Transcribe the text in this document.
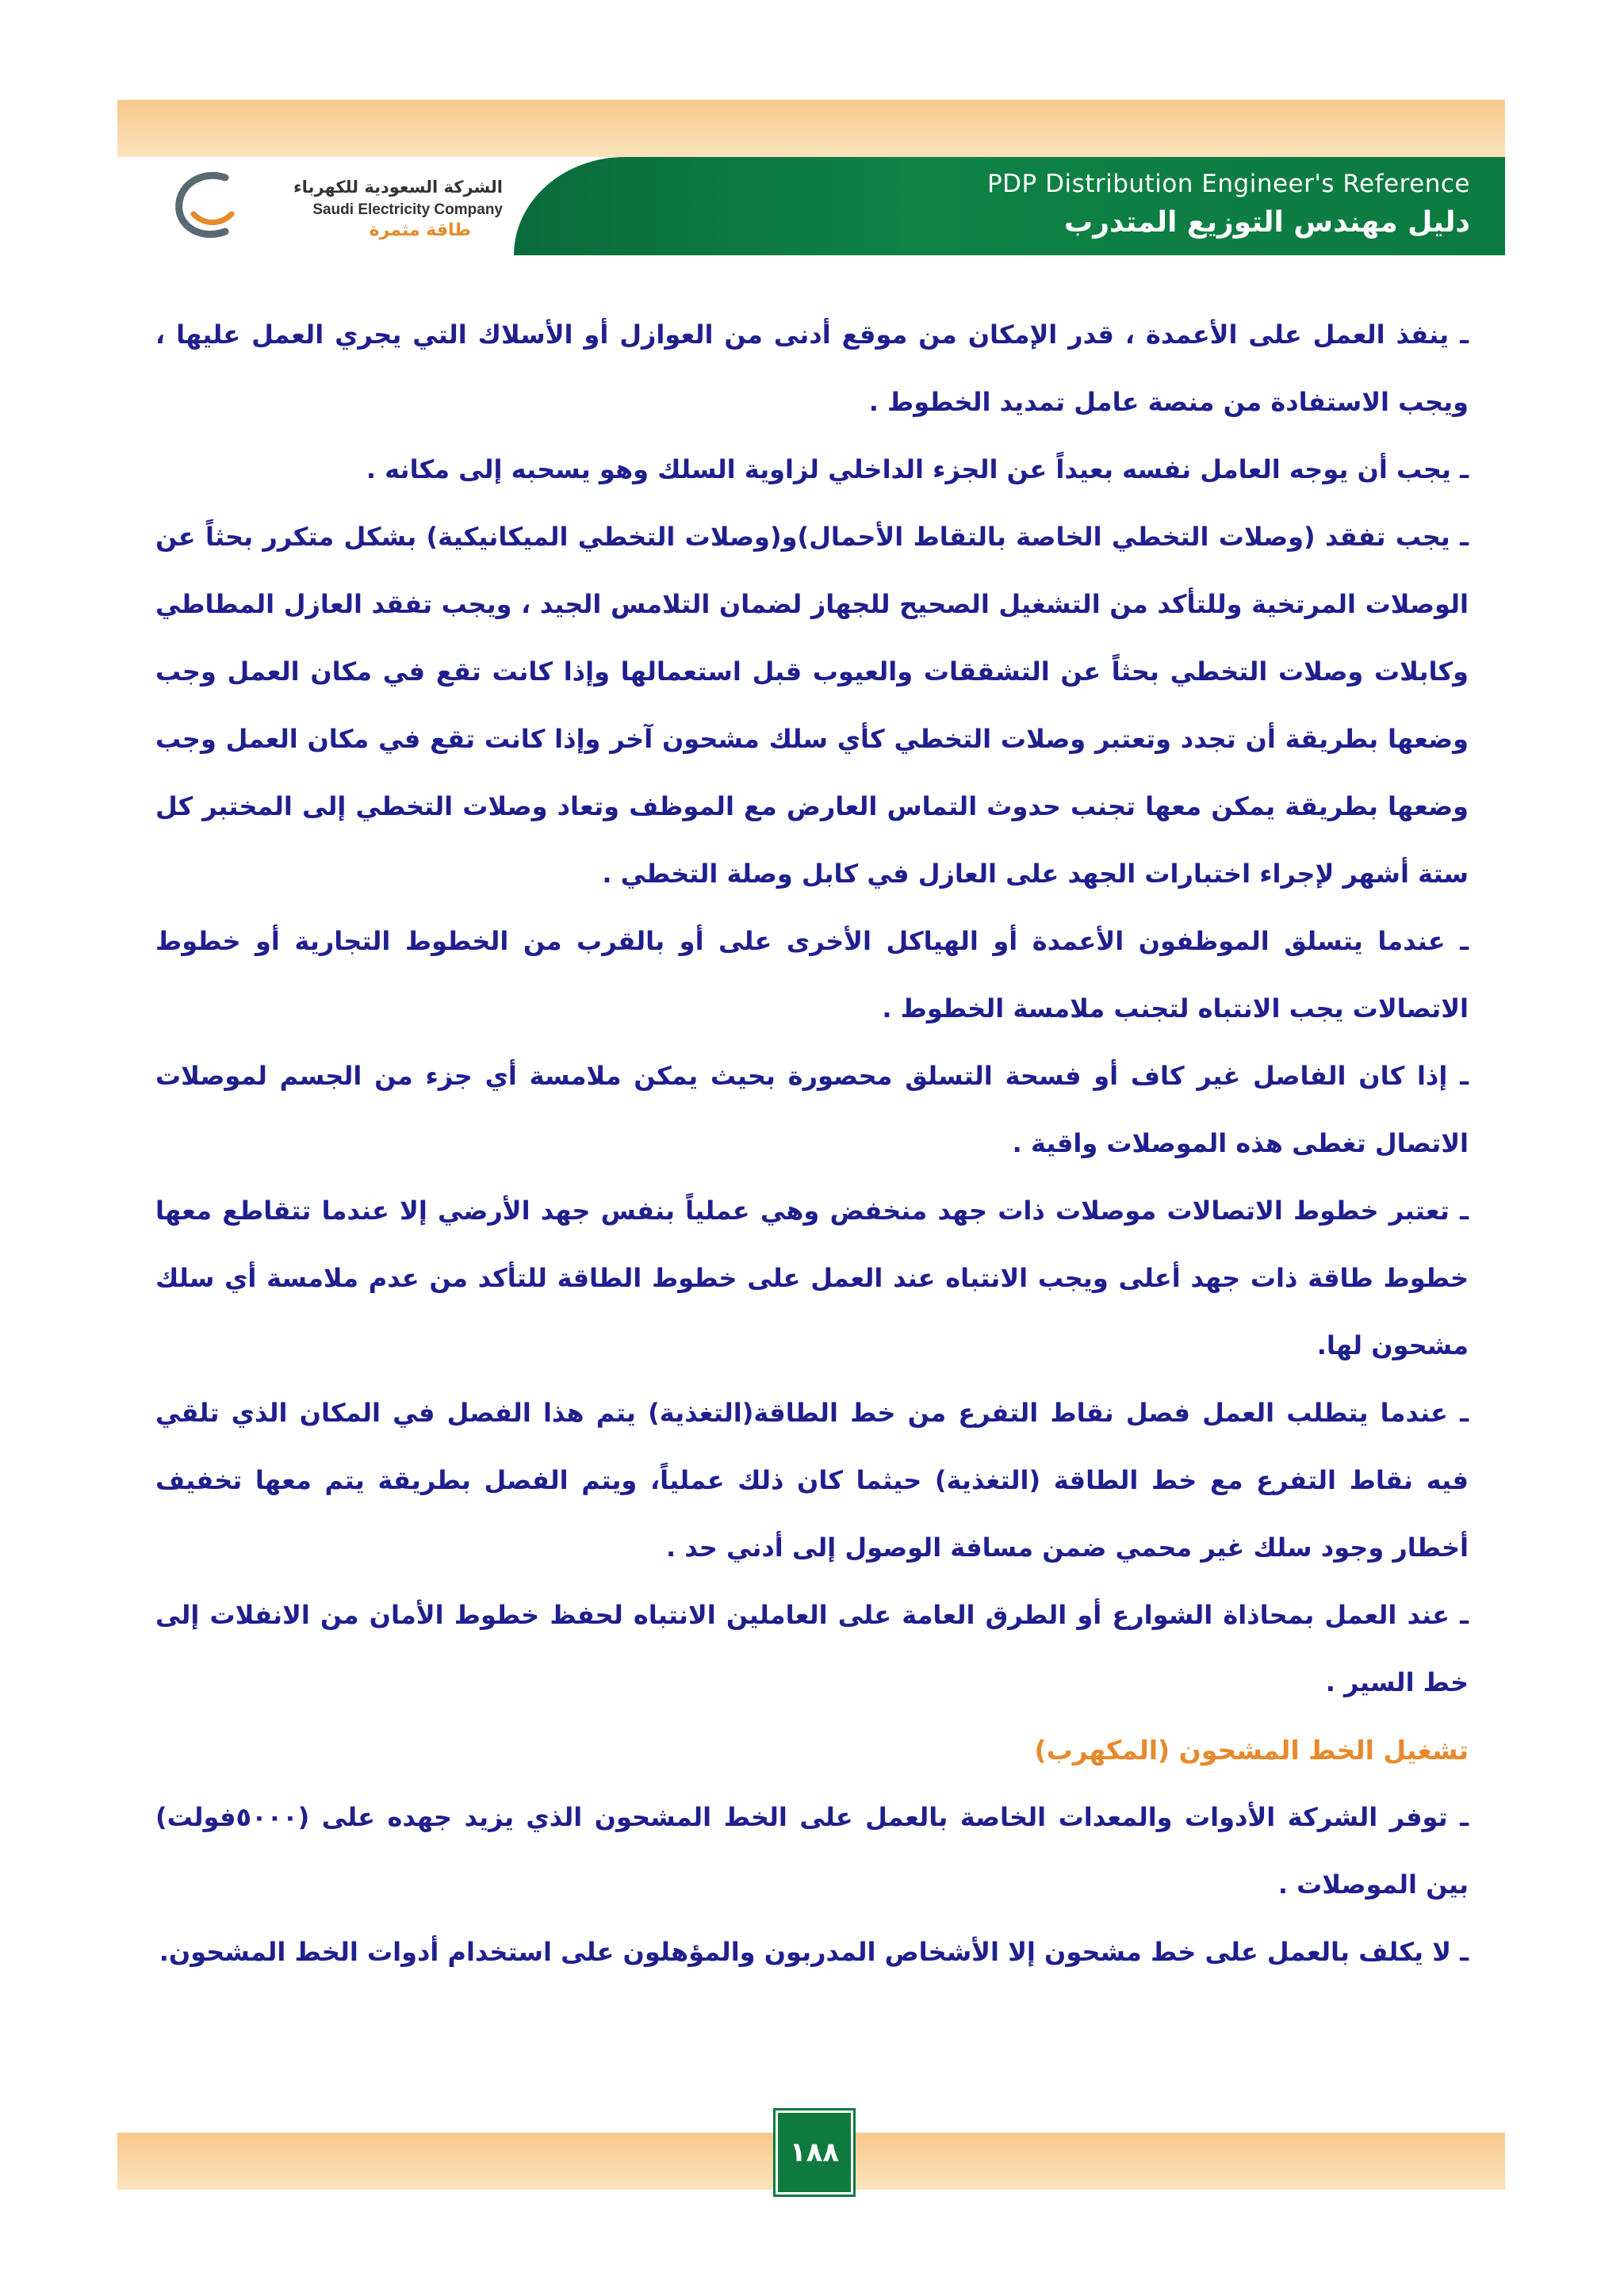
الشركة السعودية للكهرباء
Saudi Electricity Company
طاقة مثمرة
PDP Distribution Engineer's Reference
دليل مهندس التوزيع المتدرب

ـ ينفذ العمل على الأعمدة ، قدر الإمكان من موقع أدنى من العوازل أو الأسلاك التي يجري العمل عليها ، ويجب الاستفادة من منصة عامل تمديد الخطوط .

ـ يجب أن يوجه العامل نفسه بعيداً عن الجزء الداخلي لزاوية السلك وهو يسحبه إلى مكانه .

ـ يجب تفقد (وصلات التخطي الخاصة بالتقاط الأحمال)و(وصلات التخطي الميكانيكية) بشكل متكرر بحثاً عن الوصلات المرتخية وللتأكد من التشغيل الصحيح للجهاز لضمان التلامس الجيد ، ويجب تفقد العازل المطاطي وكابلات وصلات التخطي بحثاً عن التشققات والعيوب قبل استعمالها وإذا كانت تقع في مكان العمل وجب وضعها بطريقة أن تجدد وتعتبر وصلات التخطي كأي سلك مشحون آخر وإذا كانت تقع في مكان العمل وجب وضعها بطريقة يمكن معها تجنب حدوث التماس العارض مع الموظف وتعاد وصلات التخطي إلى المختبر كل ستة أشهر لإجراء اختبارات الجهد على العازل في كابل وصلة التخطي .

ـ عندما يتسلق الموظفون الأعمدة أو الهياكل الأخرى على أو بالقرب من الخطوط التجارية أو خطوط الاتصالات يجب الانتباه لتجنب ملامسة الخطوط .

ـ إذا كان الفاصل غير كاف أو فسحة التسلق محصورة بحيث يمكن ملامسة أي جزء من الجسم لموصلات الاتصال تغطى هذه الموصلات واقية .

ـ تعتبر خطوط الاتصالات موصلات ذات جهد منخفض وهي عملياً بنفس جهد الأرضي إلا عندما تتقاطع معها خطوط طاقة ذات جهد أعلى ويجب الانتباه عند العمل على خطوط الطاقة للتأكد من عدم ملامسة أي سلك مشحون لها.

ـ عندما يتطلب العمل فصل نقاط التفرع من خط الطاقة(التغذية) يتم هذا الفصل في المكان الذي تلقي فيه نقاط التفرع مع خط الطاقة (التغذية) حيثما كان ذلك عملياً، ويتم الفصل بطريقة يتم معها تخفيف أخطار وجود سلك غير محمي ضمن مسافة الوصول إلى أدني حد .

ـ عند العمل بمحاذاة الشوارع أو الطرق العامة على العاملين الانتباه لحفظ خطوط الأمان من الانفلات إلى خط السير .

تشغيل الخط المشحون (المكهرب)

ـ توفر الشركة الأدوات والمعدات الخاصة بالعمل على الخط المشحون الذي يزيد جهده على (٥٠٠٠فولت) بين الموصلات .

ـ لا يكلف بالعمل على خط مشحون إلا الأشخاص المدربون والمؤهلون على استخدام أدوات الخط المشحون.

١٨٨
